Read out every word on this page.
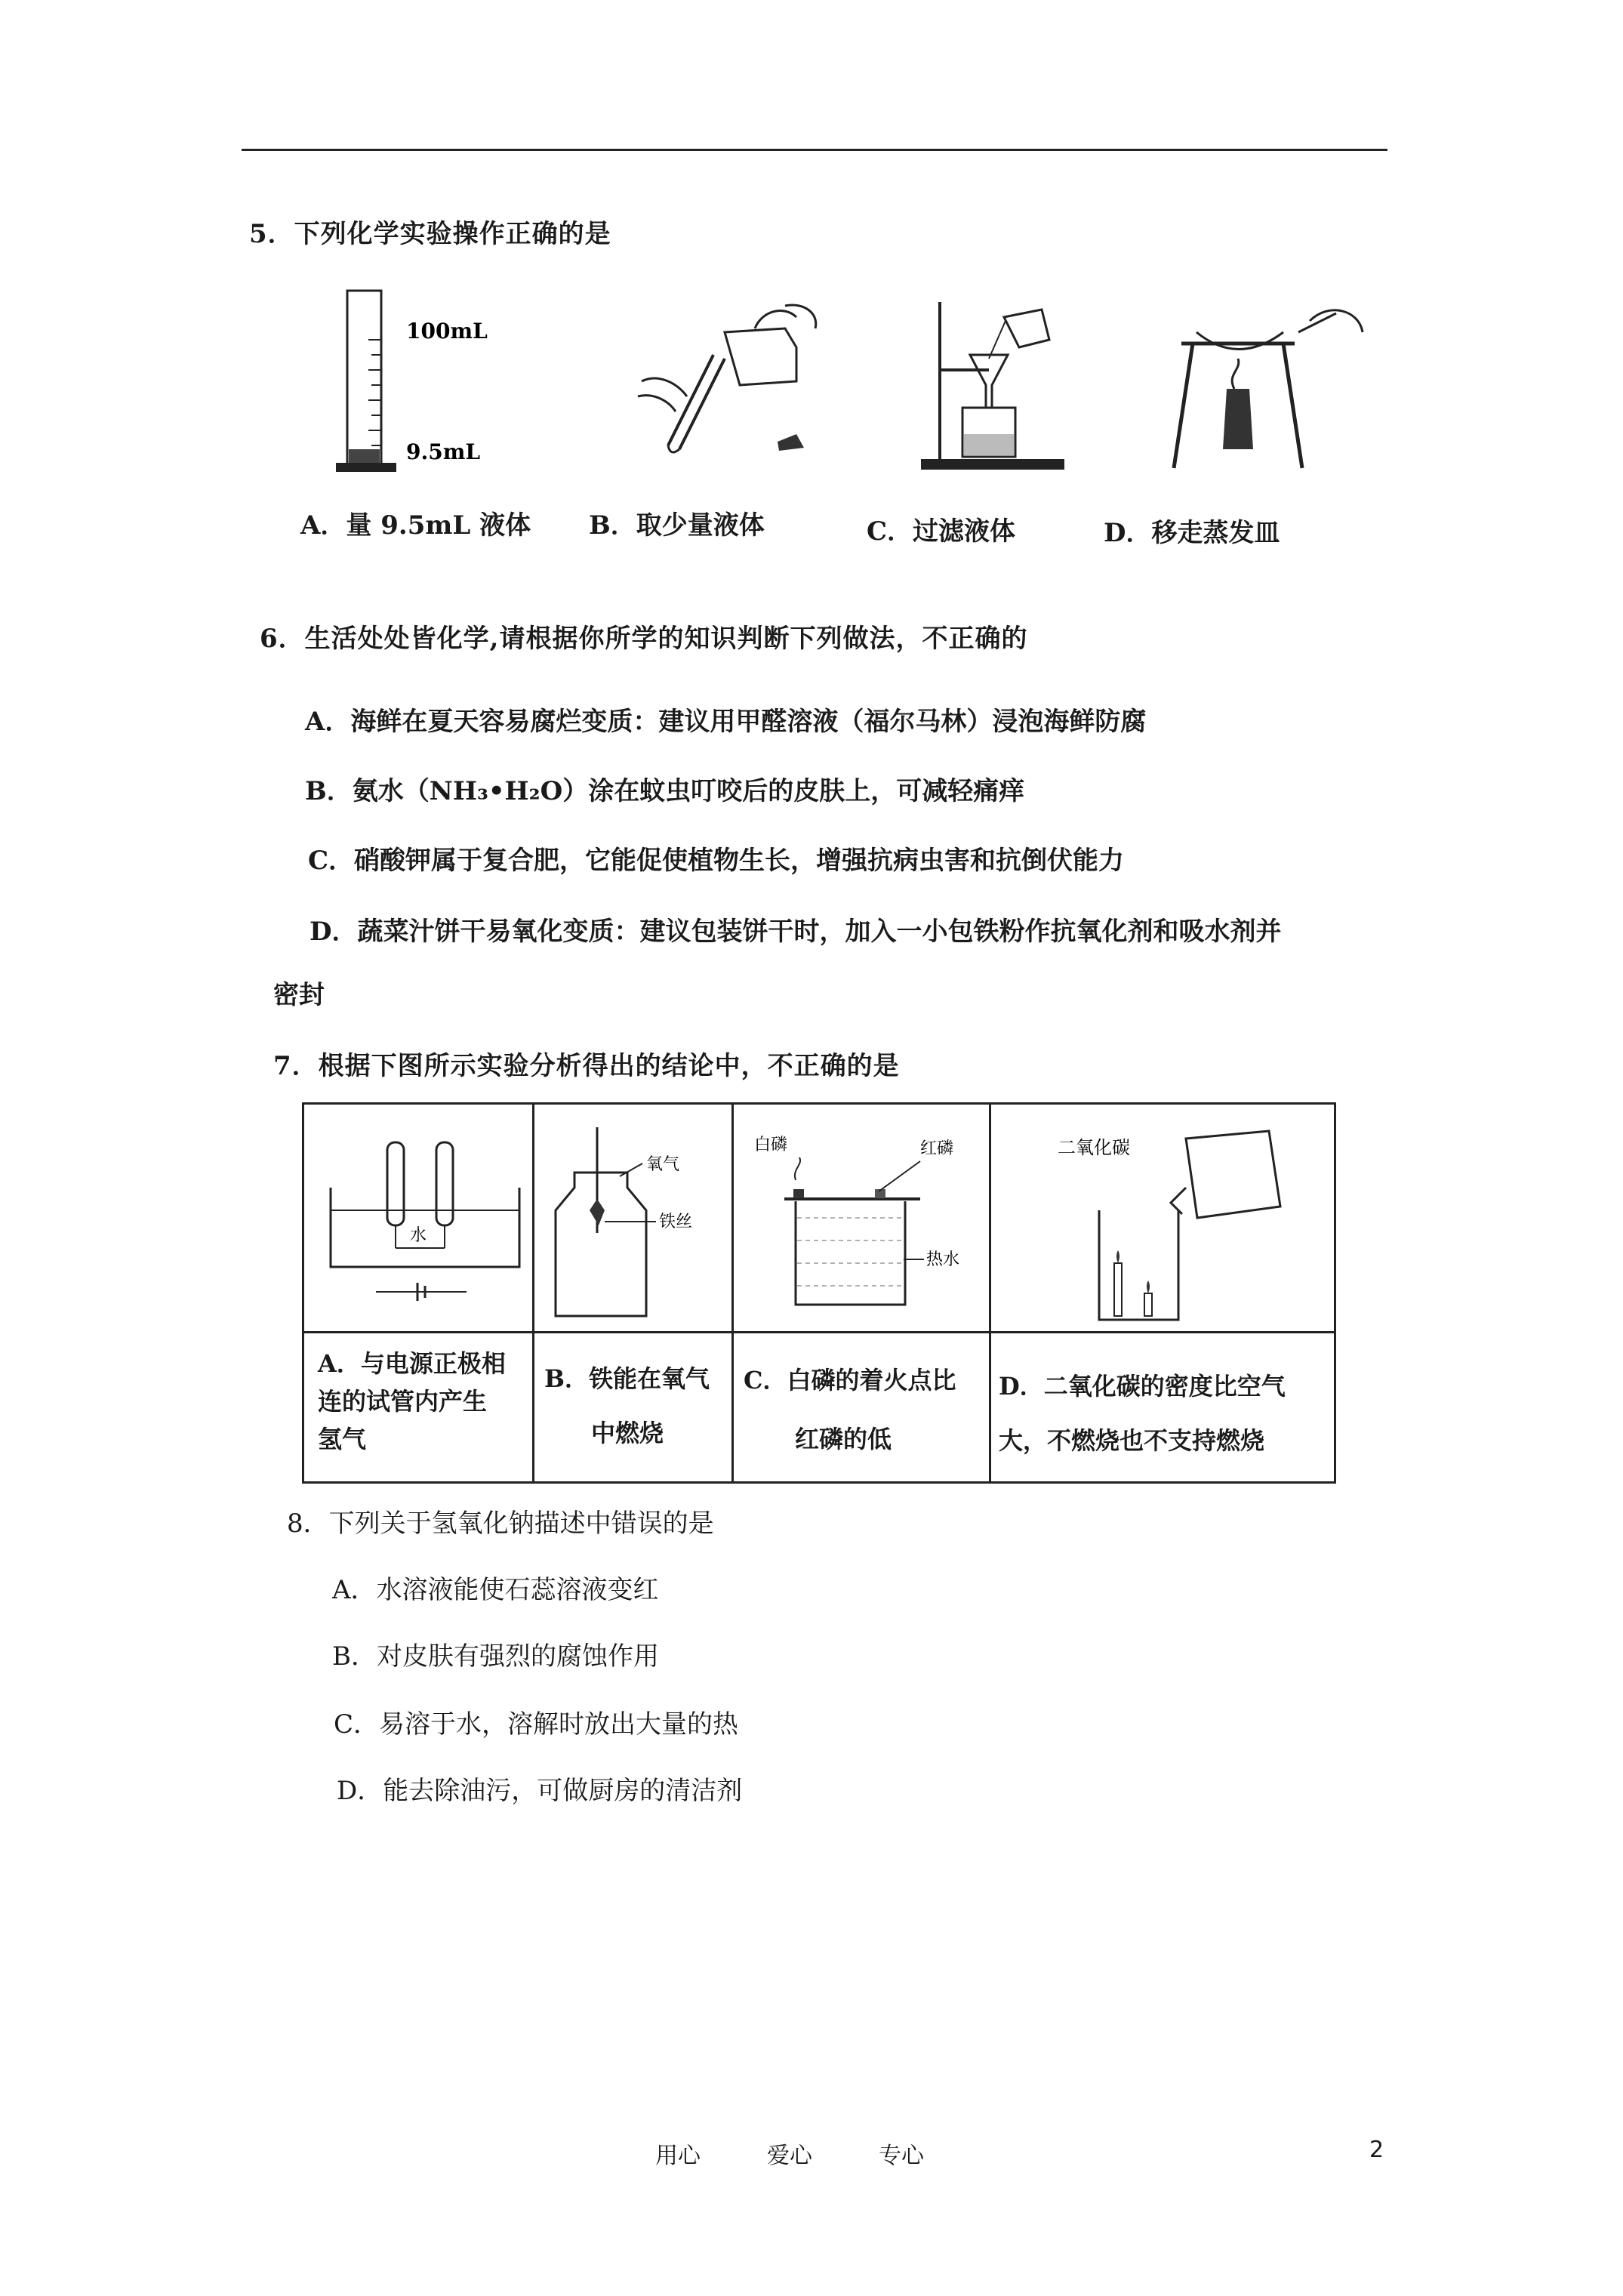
5．下列化学实验操作正确的是
100mL
9.5mL
A．量 9.5mL 液体 B．取少量液体	C．过滤液体	D．移走蒸发皿
6．生活处处皆化学,请根据你所学的知识判断下列做法，不正确的
A．海鲜在夏天容易腐烂变质：建议用甲醛溶液（福尔马林）浸泡海鲜防腐
B．氨水（NH₃•H₂O）涂在蚊虫叮咬后的皮肤上，可减轻痛痒
C．硝酸钾属于复合肥，它能促使植物生长，增强抗病虫害和抗倒伏能力
D．蔬菜汁饼干易氧化变质：建议包装饼干时，加入一小包铁粉作抗氧化剂和吸水剂并
密封
7．根据下图所示实验分析得出的结论中，不正确的是
水
氧气
铁丝
白磷	红磷
热水
二氧化碳
A．与电源正极相
连的试管内产生
氢气
B．铁能在氧气
中燃烧
C．白磷的着火点比
红磷的低
D．二氧化碳的密度比空气
大，不燃烧也不支持燃烧
8．下列关于氢氧化钠描述中错误的是
A．水溶液能使石蕊溶液变红
B．对皮肤有强烈的腐蚀作用
C．易溶于水，溶解时放出大量的热
D．能去除油污，可做厨房的清洁剂
用心	爱心	专心	2
